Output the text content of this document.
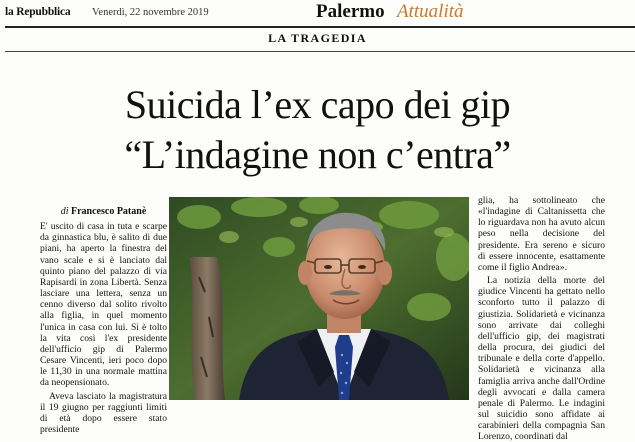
la Repubblica Venerdì, 22 novembre 2019	Palermo Attualità
LA TRAGEDIA
Suicida l’ex capo dei gip
“L’indagine non c’entra”
di Francesco Patanè

E' uscito di casa in tuta e scarpe da ginnastica blu, è salito di due piani, ha aperto la finestra del vano scale e si è lanciato dal quinto piano del palazzo di via Rapisardi in zona Libertà. Senza lasciare una lettera, senza un cenno diverso dal solito rivolto alla figlia, in quel momento l'unica in casa con lui. Si è tolto la vita così l'ex presidente dell'ufficio gip di Palermo Cesare Vincenti, ieri poco dopo le 11,30 in una normale mattina da neopensionato.

Aveva lasciato la magistratura il 19 giugno per raggiunti limiti di età dopo essere stato presidente

glia, ha sottolineato che «l'indagine di Caltanissetta che lo riguardava non ha avuto alcun peso nella decisione del presidente. Era sereno e sicuro di essere innocente, esattamente come il figlio Andrea».

La notizia della morte del giudice Vincenti ha gettato nello sconforto tutto il palazzo di giustizia. Solidarietà e vicinanza sono arrivate dai colleghi dell'ufficio gip, dei magistrati della procura, dei giudici del tribunale e della corte d'appello. Solidarietà e vicinanza alla famiglia arriva anche dall'Ordine degli avvocati e dalla camera penale di Palermo. Le indagini sul suicidio sono affidate ai carabinieri della compagnia San Lorenzo, coordinati dal
